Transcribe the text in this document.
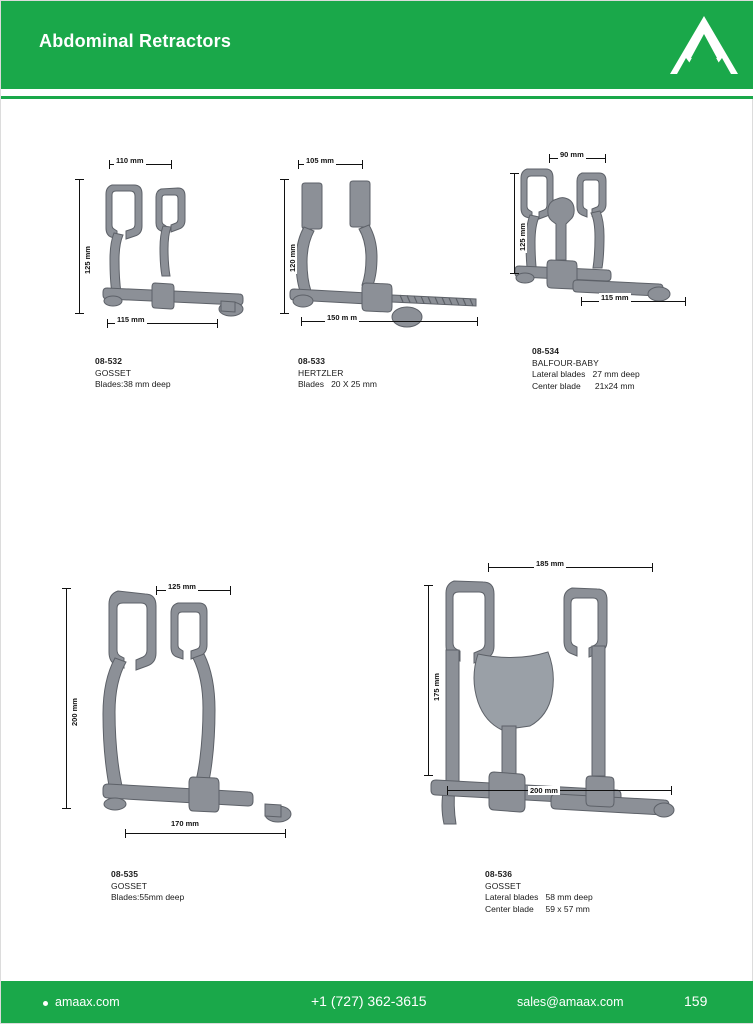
Abdominal Retractors
110 mm
125 mm
115 mm
08-532
GOSSET
Blades:38 mm deep
105 mm
120 mm
150 m m
08-533
HERTZLER
Blades   20 X 25 mm
90 mm
125 mm
115 mm
08-534
BALFOUR-BABY
Lateral blades   27 mm deep
Center blade      21x24 mm
125 mm
200 mm
170 mm
08-535
GOSSET
Blades:55mm deep
185 mm
175 mm
200 mm
08-536
GOSSET
Lateral blades   58 mm deep
Center blade     59 x 57 mm
amaax.com	+1 (727) 362-3615	sales@amaax.com	159
